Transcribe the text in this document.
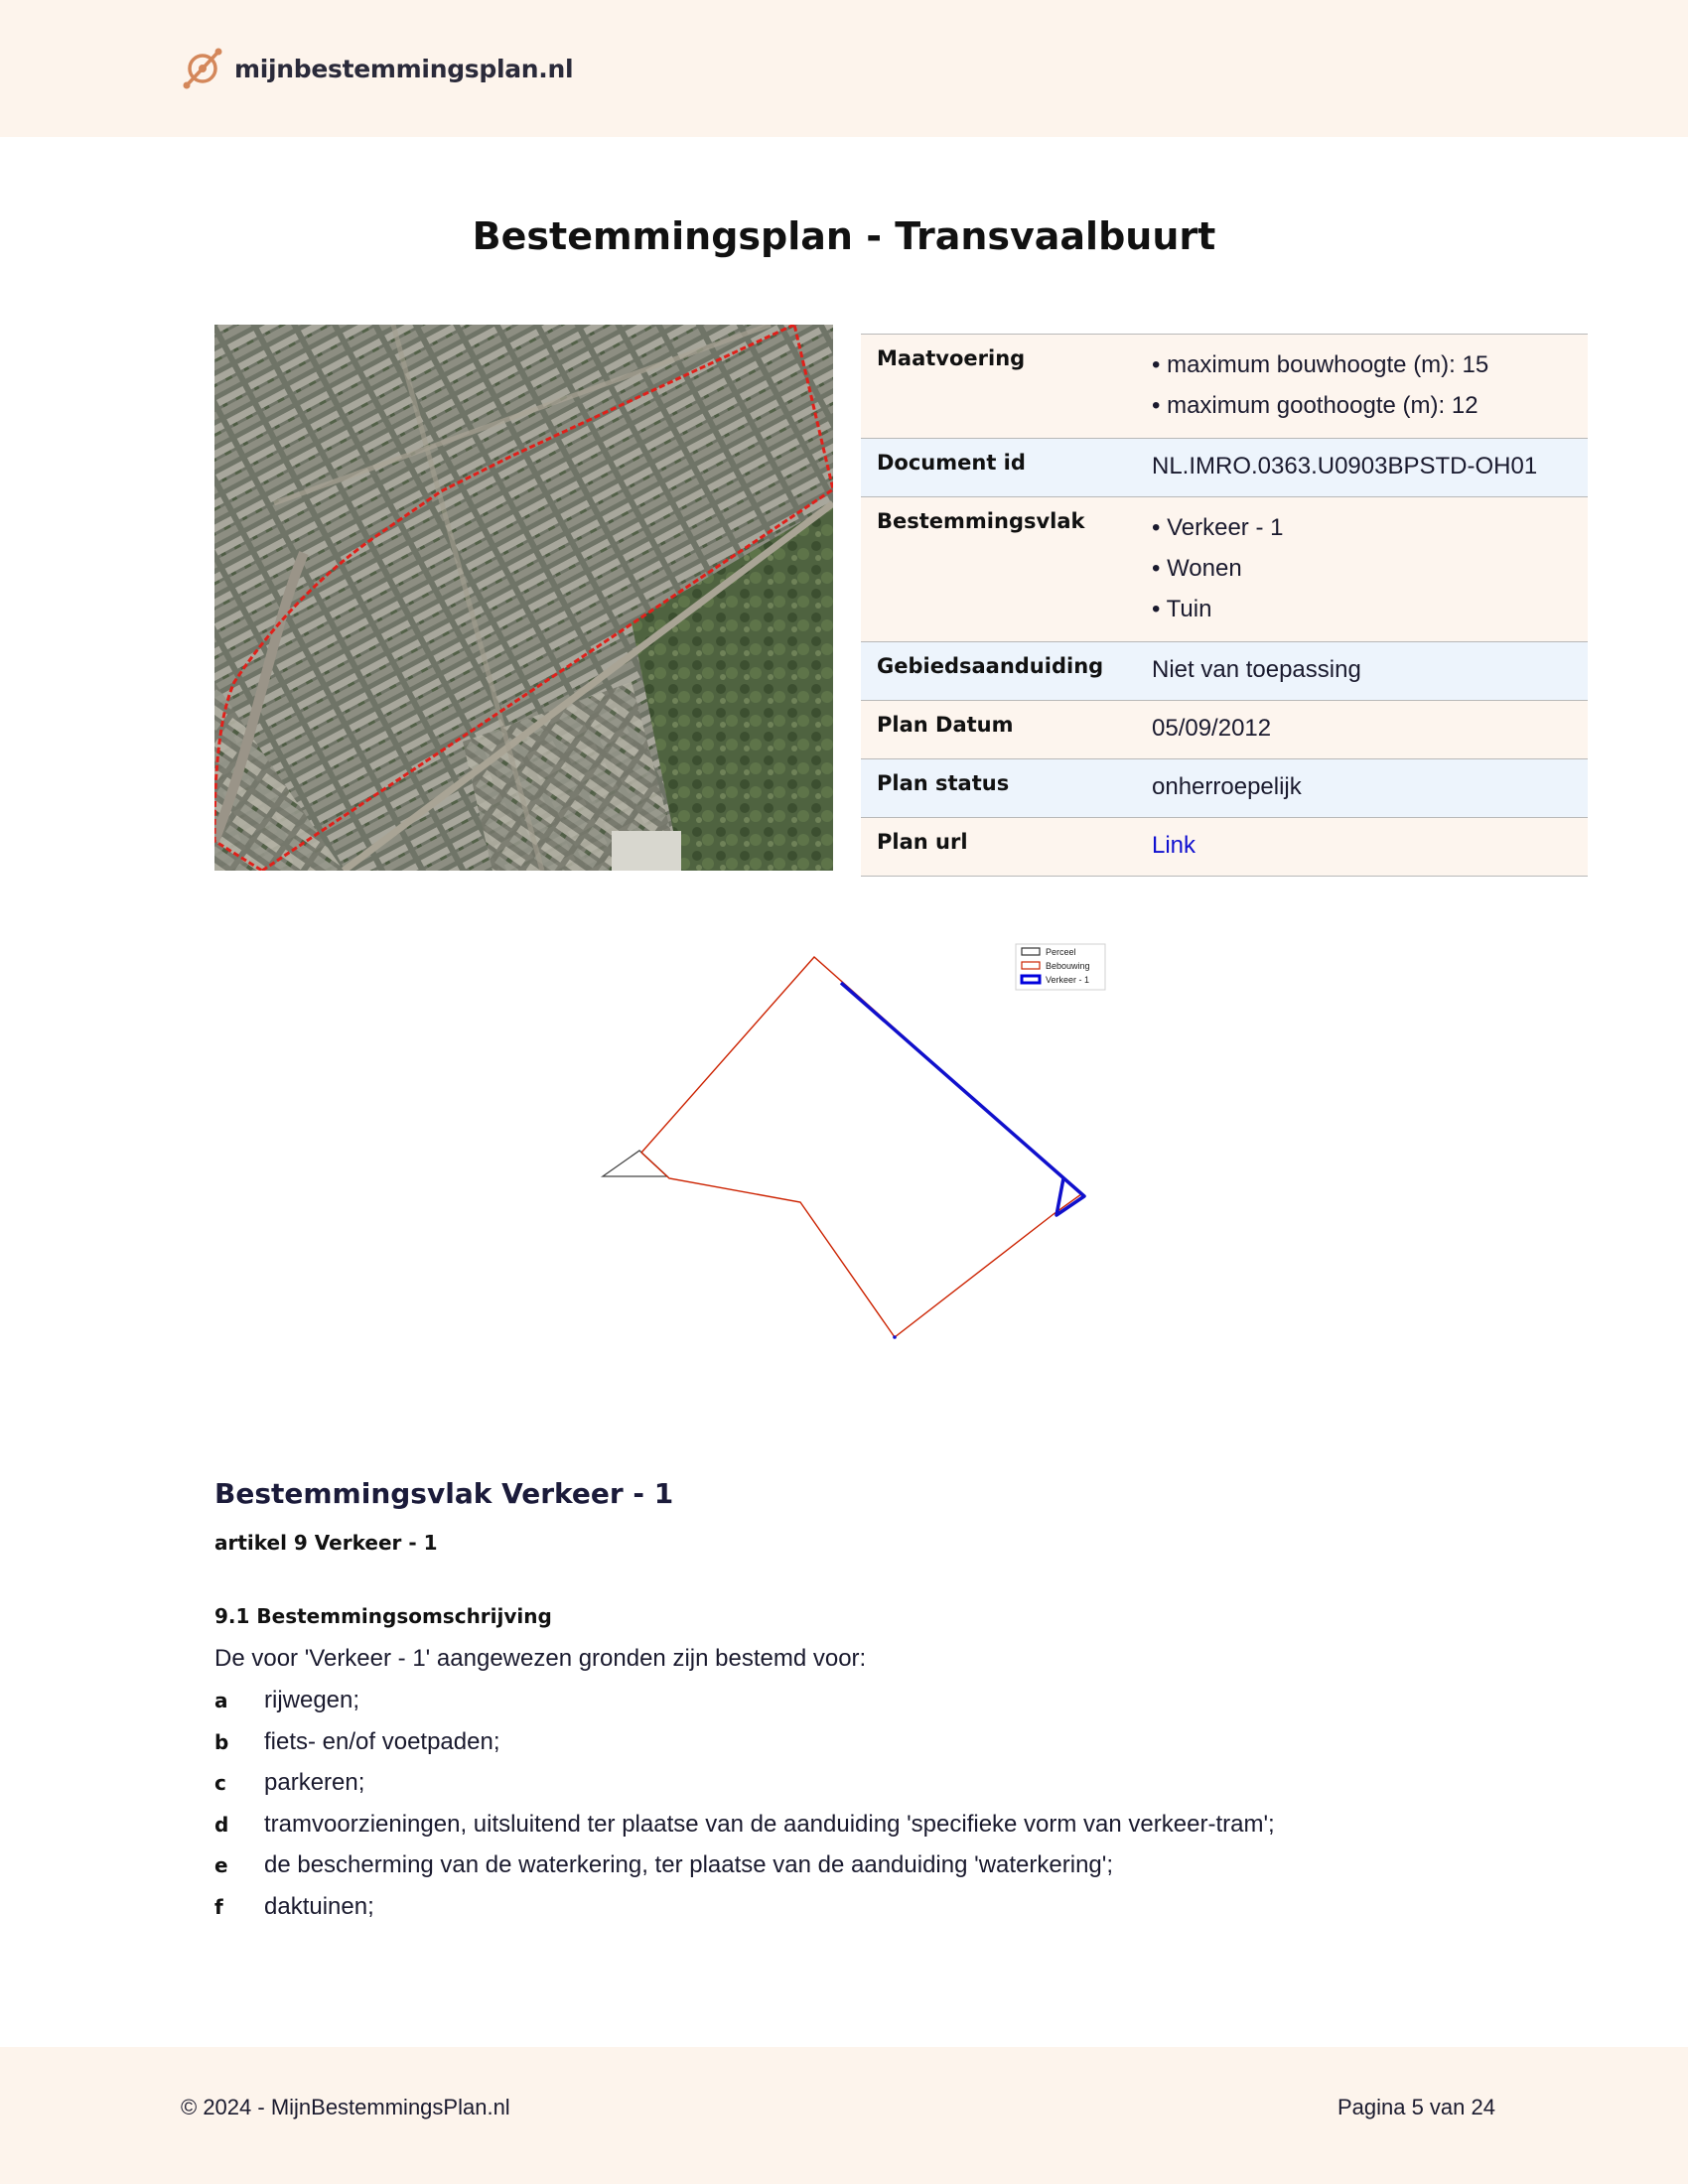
mijnbestemmingsplan.nl
Bestemmingsplan - Transvaalbuurt
Maatvoering	• maximum bouwhoogte (m): 15
• maximum goothoogte (m): 12

Document id	NL.IMRO.0363.U0903BPSTD-OH01

Bestemmingsvlak	• Verkeer - 1
• Wonen
• Tuin

Gebiedsaanduiding	Niet van toepassing

Plan Datum	05/09/2012

Plan status	onherroepelijk

Plan url	Link
Perceel
Bebouwing
Verkeer - 1
Bestemmingsvlak Verkeer - 1
artikel 9 Verkeer - 1
9.1 Bestemmingsomschrijving
De voor 'Verkeer - 1' aangewezen gronden zijn bestemd voor:
a	rijwegen;
b	fiets- en/of voetpaden;
c	parkeren;
d	tramvoorzieningen, uitsluitend ter plaatse van de aanduiding 'specifieke vorm van verkeer-tram';
e	de bescherming van de waterkering, ter plaatse van de aanduiding 'waterkering';
f	daktuinen;
© 2024 - MijnBestemmingsPlan.nl	Pagina 5 van 24
